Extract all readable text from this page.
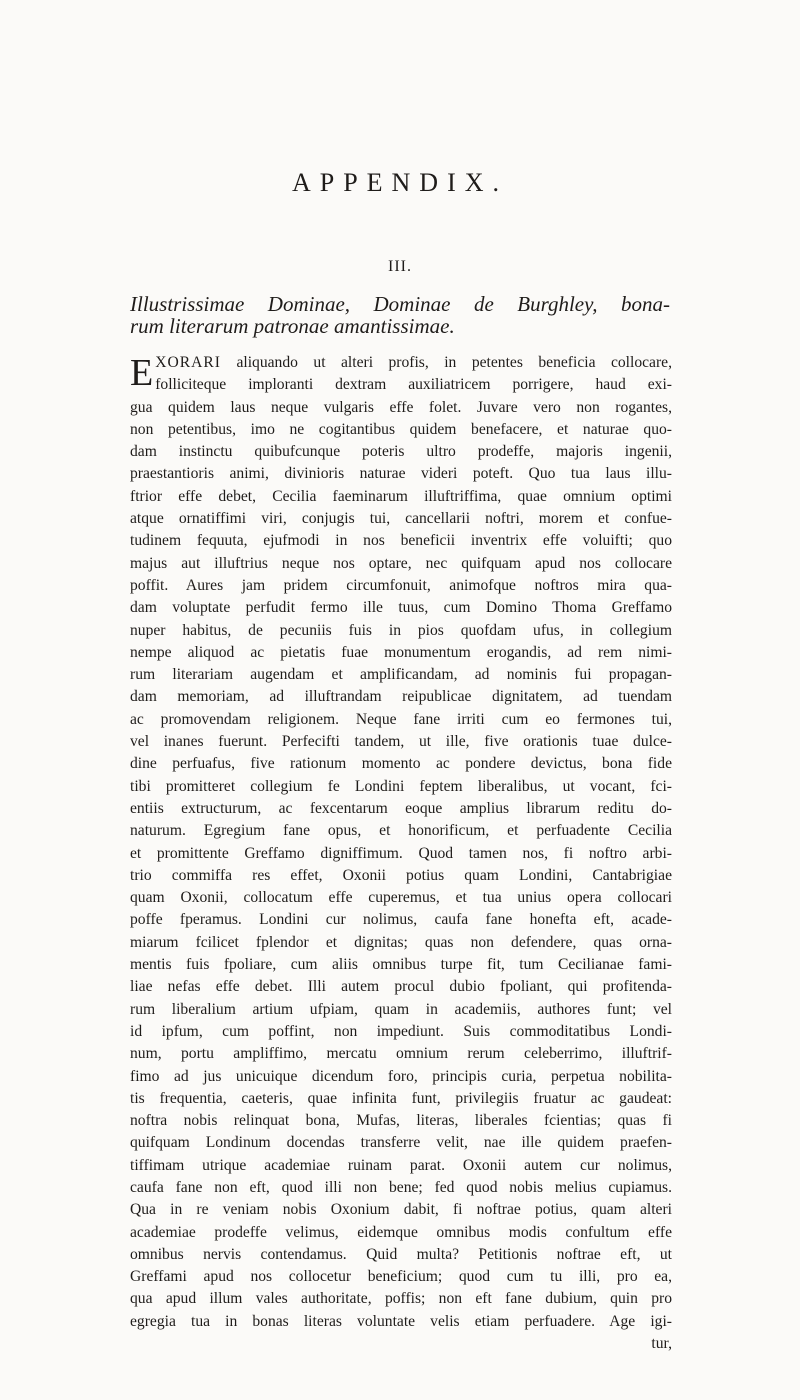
APPENDIX.
III.
Illustrissimae Dominae, Dominae de Burghley, bona-
rum literarum patronae amantissimae.
E XORARI aliquando ut alteri profis, in petentes beneficia collocare,
folliciteque imploranti dextram auxiliatricem porrigere, haud exi-
gua quidem laus neque vulgaris effe folet. Juvare vero non rogantes,
non petentibus, imo ne cogitantibus quidem benefacere, et naturae quo-
dam instinctu quibufcunque poteris ultro prodeffe, majoris ingenii,
praestantioris animi, divinioris naturae videri poteft. Quo tua laus illu-
ftrior effe debet, Cecilia faeminarum illuftriffima, quae omnium optimi
atque ornatiffimi viri, conjugis tui, cancellarii noftri, morem et confue-
tudinem fequuta, ejufmodi in nos beneficii inventrix effe voluifti; quo
majus aut illuftrius neque nos optare, nec quifquam apud nos collocare
poffit. Aures jam pridem circumfonuit, animofque noftros mira qua-
dam voluptate perfudit fermo ille tuus, cum Domino Thoma Greffamo
nuper habitus, de pecuniis fuis in pios quofdam ufus, in collegium
nempe aliquod ac pietatis fuae monumentum erogandis, ad rem nimi-
rum literariam augendam et amplificandam, ad nominis fui propagan-
dam memoriam, ad illuftrandam reipublicae dignitatem, ad tuendam
ac promovendam religionem. Neque fane irriti cum eo fermones tui,
vel inanes fuerunt. Perfecifti tandem, ut ille, five orationis tuae dulce-
dine perfuafus, five rationum momento ac pondere devictus, bona fide
tibi promitteret collegium fe Londini feptem liberalibus, ut vocant, fci-
entiis extructurum, ac fexcentarum eoque amplius librarum reditu do-
naturum. Egregium fane opus, et honorificum, et perfuadente Cecilia
et promittente Greffamo digniffimum. Quod tamen nos, fi noftro arbi-
trio commiffa res effet, Oxonii potius quam Londini, Cantabrigiae
quam Oxonii, collocatum effe cuperemus, et tua unius opera collocari
poffe fperamus. Londini cur nolimus, caufa fane honefta eft, acade-
miarum fcilicet fplendor et dignitas; quas non defendere, quas orna-
mentis fuis fpoliare, cum aliis omnibus turpe fit, tum Cecilianae fami-
liae nefas effe debet. Illi autem procul dubio fpoliant, qui profitenda-
rum liberalium artium ufpiam, quam in academiis, authores funt; vel
id ipfum, cum poffint, non impediunt. Suis commoditatibus Londi-
num, portu ampliffimo, mercatu omnium rerum celeberrimo, illuftrif-
fimo ad jus unicuique dicendum foro, principis curia, perpetua nobilita-
tis frequentia, caeteris, quae infinita funt, privilegiis fruatur ac gaudeat:
noftra nobis relinquat bona, Mufas, literas, liberales fcientias; quas fi
quifquam Londinum docendas transferre velit, nae ille quidem praefen-
tiffimam utrique academiae ruinam parat. Oxonii autem cur nolimus,
caufa fane non eft, quod illi non bene; fed quod nobis melius cupiamus.
Qua in re veniam nobis Oxonium dabit, fi noftrae potius, quam alteri
academiae prodeffe velimus, eidemque omnibus modis confultum effe
omnibus nervis contendamus. Quid multa? Petitionis noftrae eft, ut
Greffami apud nos collocetur beneficium; quod cum tu illi, pro ea,
qua apud illum vales authoritate, poffis; non eft fane dubium, quin pro
egregia tua in bonas literas voluntate velis etiam perfuadere. Age igi-
tur,
